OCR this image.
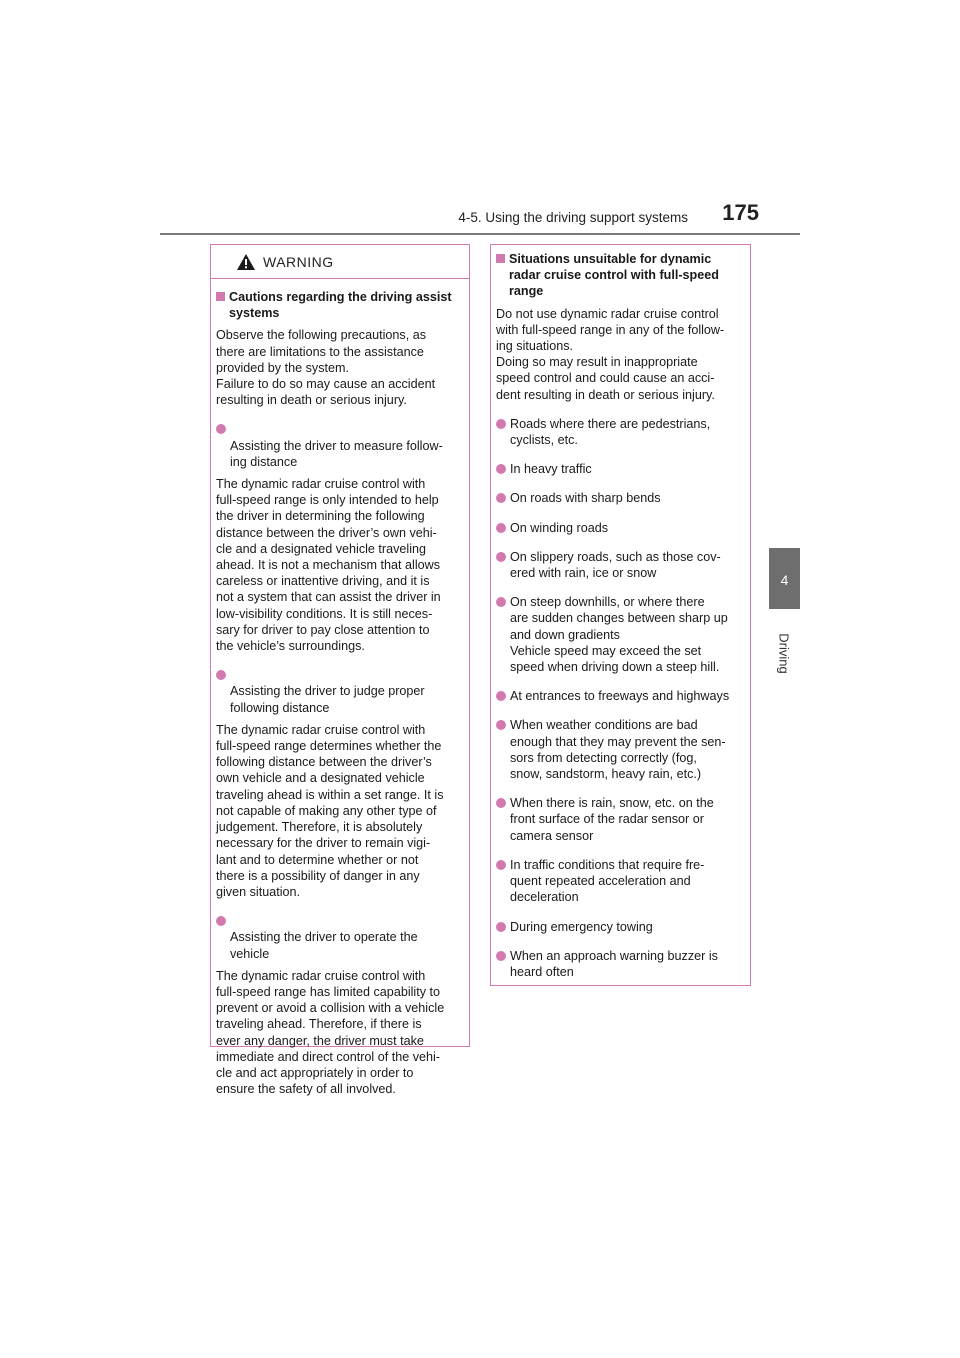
4-5. Using the driving support systems 175
4
Driving
WARNING
Cautions regarding the driving assist systems
Observe the following precautions, as
there are limitations to the assistance
provided by the system.
Failure to do so may cause an accident
resulting in death or serious injury.

Assisting the driver to measure follow-
ing distance

The dynamic radar cruise control with
full-speed range is only intended to help
the driver in determining the following
distance between the driver’s own vehi-
cle and a designated vehicle traveling
ahead. It is not a mechanism that allows
careless or inattentive driving, and it is
not a system that can assist the driver in
low-visibility conditions. It is still neces-
sary for driver to pay close attention to
the vehicle’s surroundings.

Assisting the driver to judge proper
following distance

The dynamic radar cruise control with
full-speed range determines whether the
following distance between the driver’s
own vehicle and a designated vehicle
traveling ahead is within a set range. It is
not capable of making any other type of
judgement. Therefore, it is absolutely
necessary for the driver to remain vigi-
lant and to determine whether or not
there is a possibility of danger in any
given situation.

Assisting the driver to operate the
vehicle

The dynamic radar cruise control with
full-speed range has limited capability to
prevent or avoid a collision with a vehicle
traveling ahead. Therefore, if there is
ever any danger, the driver must take
immediate and direct control of the vehi-
cle and act appropriately in order to
ensure the safety of all involved.
Situations unsuitable for dynamic radar cruise control with full-speed range
Do not use dynamic radar cruise control
with full-speed range in any of the follow-
ing situations.
Doing so may result in inappropriate
speed control and could cause an acci-
dent resulting in death or serious injury.
Roads where there are pedestrians,
cyclists, etc.
In heavy traffic
On roads with sharp bends
On winding roads
On slippery roads, such as those cov-
ered with rain, ice or snow
On steep downhills, or where there
are sudden changes between sharp up
and down gradients
Vehicle speed may exceed the set
speed when driving down a steep hill.
At entrances to freeways and highways
When weather conditions are bad
enough that they may prevent the sen-
sors from detecting correctly (fog,
snow, sandstorm, heavy rain, etc.)
When there is rain, snow, etc. on the
front surface of the radar sensor or
camera sensor
In traffic conditions that require fre-
quent repeated acceleration and
deceleration
During emergency towing
When an approach warning buzzer is
heard often
